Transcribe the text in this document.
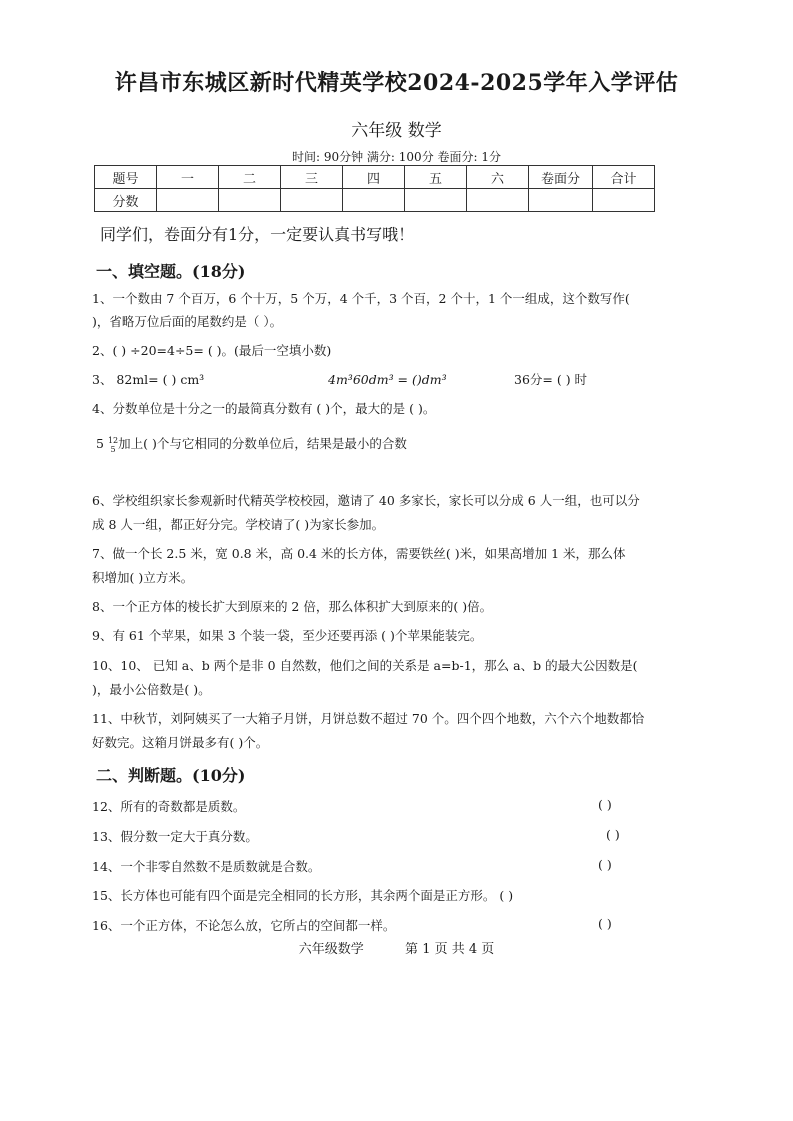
许昌市东城区新时代精英学校2024-2025学年入学评估
六年级 数学
时间: 90分钟 满分: 100分 卷面分: 1分
题号	一	二	三	四	五	六	卷面分	合计
分数								
同学们，卷面分有1分，一定要认真书写哦！
一、填空题。(18分)
1、一个数由 7 个百万，6 个十万，5 个万，4 个千，3 个百，2 个十，1 个一组成，这个数写作(
)，省略万位后面的尾数约是（ ）。
2、( ) ÷20=4÷5= ( )。(最后一空填小数)
3、 82ml= ( ) cm³	4m³60dm³ = ()dm³	36分= ( ) 时
4、分数单位是十分之一的最简真分数有 ( )个，最大的是 ( )。
5 12
5 加上( )个与它相同的分数单位后，结果是最小的合数
6、学校组织家长参观新时代精英学校校园，邀请了 40 多家长，家长可以分成 6 人一组，也可以分
成 8 人一组，都正好分完。学校请了( )为家长参加。
7、做一个长 2.5 米，宽 0.8 米，高 0.4 米的长方体，需要铁丝( )米，如果高增加 1 米，那么体
积增加( )立方米。
8、一个正方体的棱长扩大到原来的 2 倍，那么体积扩大到原来的( )倍。
9、有 61 个苹果，如果 3 个装一袋，至少还要再添 ( )个苹果能装完。
10、10、 已知 a、b 两个是非 0 自然数，他们之间的关系是 a=b-1，那么 a、b 的最大公因数是(
)，最小公倍数是( )。
11、中秋节，刘阿姨买了一大箱子月饼，月饼总数不超过 70 个。四个四个地数，六个六个地数都恰
好数完。这箱月饼最多有( )个。
二、判断题。(10分)
12、所有的奇数都是质数。	( )
13、假分数一定大于真分数。	( )
14、一个非零自然数不是质数就是合数。	( )
15、长方体也可能有四个面是完全相同的长方形，其余两个面是正方形。 ( )
16、一个正方体，不论怎么放，它所占的空间都一样。	( )
六年级数学          第 1 页 共 4 页
